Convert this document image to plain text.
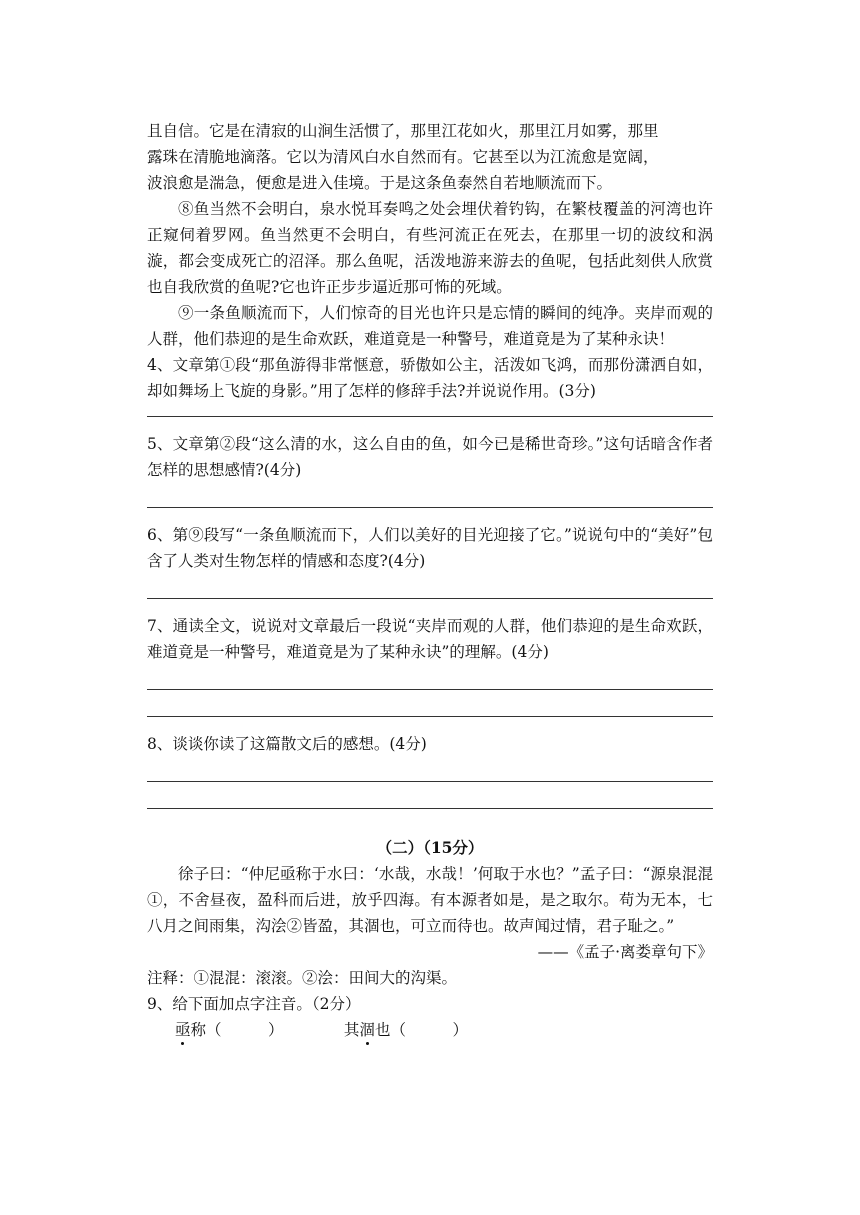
且自信。它是在清寂的山涧生活惯了，那里江花如火，那里江月如雾，那里

露珠在清脆地滴落。它以为清风白水自然而有。它甚至以为江流愈是宽阔，

波浪愈是湍急，便愈是进入佳境。于是这条鱼泰然自若地顺流而下。

⑧鱼当然不会明白，泉水悦耳奏鸣之处会埋伏着钓钩，在繁枝覆盖的河湾也许正窥伺着罗网。鱼当然更不会明白，有些河流正在死去，在那里一切的波纹和涡漩，都会变成死亡的沼泽。那么鱼呢，活泼地游来游去的鱼呢，包括此刻供人欣赏也自我欣赏的鱼呢?它也许正步步逼近那可怖的死域。

⑨一条鱼顺流而下，人们惊奇的目光也许只是忘情的瞬间的纯净。夹岸而观的人群，他们恭迎的是生命欢跃，难道竟是一种警号，难道竟是为了某种永诀！

4、文章第①段“那鱼游得非常惬意，骄傲如公主，活泼如飞鸿，而那份潇洒自如，却如舞场上飞旋的身影。”用了怎样的修辞手法?并说说作用。(3分)

5、文章第②段“这么清的水，这么自由的鱼，如今已是稀世奇珍。”这句话暗含作者怎样的思想感情?(4分)

6、第⑨段写“一条鱼顺流而下，人们以美好的目光迎接了它。”说说句中的“美好”包含了人类对生物怎样的情感和态度?(4分)

7、通读全文，说说对文章最后一段说“夹岸而观的人群，他们恭迎的是生命欢跃，难道竟是一种警号，难道竟是为了某种永诀”的理解。(4分)

8、谈谈你读了这篇散文后的感想。(4分)

（二）（15分）

徐子曰：“仲尼亟称于水曰：‘水哉，水哉！’何取于水也？”孟子曰：“源泉混混①，不舍昼夜，盈科而后进，放乎四海。有本源者如是，是之取尔。苟为无本，七八月之间雨集，沟浍②皆盈，其涸也，可立而待也。故声闻过情，君子耻之。”

——《孟子·离娄章句下》

注释：①混混：滚滚。②浍：田间大的沟渠。

9、给下面加点字注音。（2分）

亟称（　　　）	其涸也（　　　）
